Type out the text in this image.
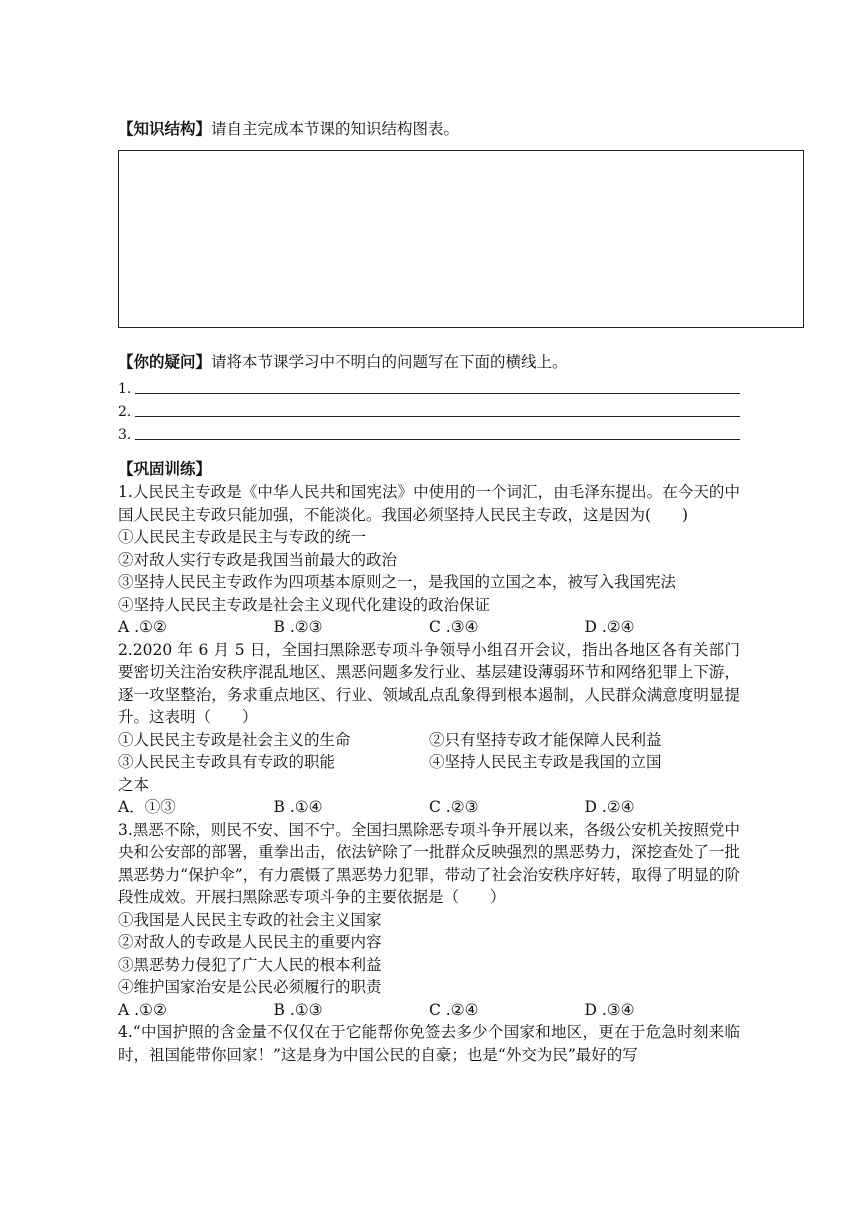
【知识结构】请自主完成本节课的知识结构图表。
【你的疑问】请将本节课学习中不明白的问题写在下面的横线上。
1.
2.
3.
【巩固训练】
1.人民民主专政是《中华人民共和国宪法》中使用的一个词汇，由毛泽东提出。在今天的中国人民民主专政只能加强，不能淡化。我国必须坚持人民民主专政，这是因为(　　)
①人民民主专政是民主与专政的统一
②对敌人实行专政是我国当前最大的政治
③坚持人民民主专政作为四项基本原则之一，是我国的立国之本，被写入我国宪法
④坚持人民民主专政是社会主义现代化建设的政治保证
A .①②	B .②③	C .③④	D .②④
2.2020 年 6 月 5 日，全国扫黑除恶专项斗争领导小组召开会议，指出各地区各有关部门要密切关注治安秩序混乱地区、黑恶问题多发行业、基层建设薄弱环节和网络犯罪上下游，逐一攻坚整治，务求重点地区、行业、领域乱点乱象得到根本遏制，人民群众满意度明显提升。这表明（　　）
①人民民主专政是社会主义的生命	②只有坚持专政才能保障人民利益
③人民民主专政具有专政的职能	④坚持人民民主专政是我国的立国
之本
A．①③	B .①④	C .②③	D .②④
3.黑恶不除，则民不安、国不宁。全国扫黑除恶专项斗争开展以来，各级公安机关按照党中央和公安部的部署，重拳出击，依法铲除了一批群众反映强烈的黑恶势力，深挖查处了一批黑恶势力“保护伞”，有力震慑了黑恶势力犯罪，带动了社会治安秩序好转，取得了明显的阶段性成效。开展扫黑除恶专项斗争的主要依据是（　　）
①我国是人民民主专政的社会主义国家
②对敌人的专政是人民民主的重要内容
③黑恶势力侵犯了广大人民的根本利益
④维护国家治安是公民必须履行的职责
A .①②	B .①③	C .②④	D .③④
4.“中国护照的含金量不仅仅在于它能帮你免签去多少个国家和地区，更在于危急时刻来临时，祖国能带你回家！”这是身为中国公民的自豪；也是“外交为民”最好的写
